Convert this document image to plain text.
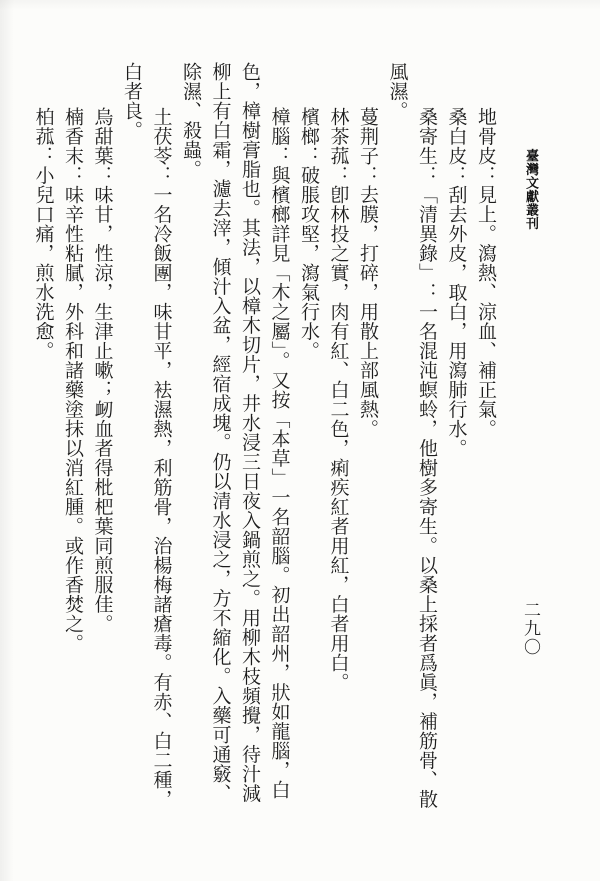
臺灣文獻叢刊
二九〇
地骨皮：見上。瀉熱、涼血、補正氣。
桑白皮：刮去外皮，取白，用瀉肺行水。
桑寄生：「清異錄」：一名混沌螟蛉，他樹多寄生。以桑上採者爲眞，補筋骨、散
風濕。
蔓荆子：去膜，打碎，用散上部風熱。
林茶菰：卽林投之實，肉有紅、白二色，痢疾紅者用紅，白者用白。
檳榔：破脹攻堅，瀉氣行水。
樟腦：與檳榔詳見「木之屬」。又按「本草」一名韶腦。初出韶州，狀如龍腦，白
色，樟樹膏脂也。其法，以樟木切片，井水浸三日夜入鍋煎之。用柳木枝頻攪，待汁減
柳上有白霜，濾去滓，傾汁入盆，經宿成塊。仍以清水浸之，方不縮化。入藥可通竅、
除濕、殺蟲。
土茯苓：一名冷飯團，味甘平，袪濕熱，利筋骨，治楊梅諸瘡毒。有赤、白二種，
白者良。
烏甜葉：味甘，性涼，生津止嗽；衂血者得枇杷葉同煎服佳。
楠香末：味辛性粘膩，外科和諸藥塗抹以消紅腫。或作香焚之。
柏菰：小兒口痛，煎水洗愈。
